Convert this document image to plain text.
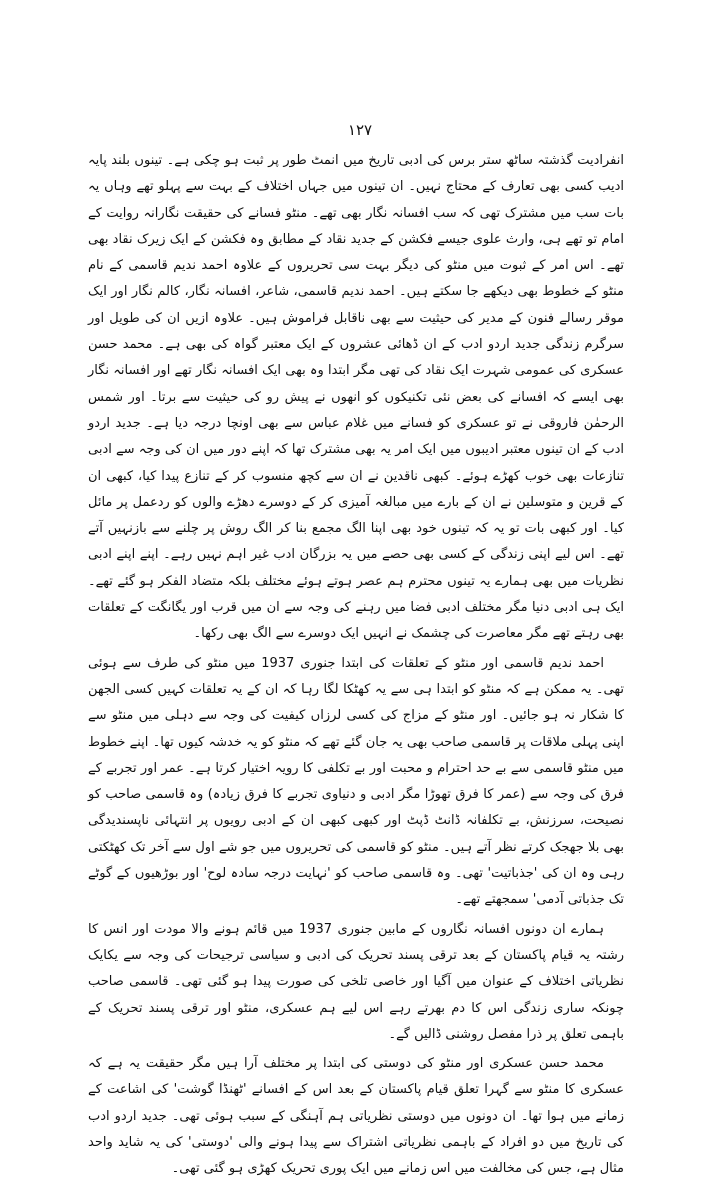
۱۲۷

انفرادیت گذشتہ ساٹھ ستر برس کی ادبی تاریخ میں انمٹ طور پر ثبت ہو چکی ہے۔ تینوں بلند پایہ ادیب کسی بھی تعارف کے محتاج نہیں۔ ان تینوں میں جہاں اختلاف کے بہت سے پہلو تھے وہاں یہ بات سب میں مشترک تھی کہ سب افسانہ نگار بھی تھے۔ منٹو فسانے کی حقیقت نگارانہ روایت کے امام تو تھے ہی، وارث علوی جیسے فکشن کے جدید نقاد کے مطابق وہ فکشن کے ایک زیرک نقاد بھی تھے۔ اس امر کے ثبوت میں منٹو کی دیگر بہت سی تحریروں کے علاوہ احمد ندیم قاسمی کے نام منٹو کے خطوط بھی دیکھے جا سکتے ہیں۔ احمد ندیم قاسمی، شاعر، افسانہ نگار، کالم نگار اور ایک موقر رسالے فنون کے مدیر کی حیثیت سے بھی ناقابل فراموش ہیں۔ علاوہ ازیں ان کی طویل اور سرگرم زندگی جدید اردو ادب کے ان ڈھائی عشروں کے ایک معتبر گواہ کی بھی ہے۔ محمد حسن عسکری کی عمومی شہرت ایک نقاد کی تھی مگر ابتدا وہ بھی ایک افسانہ نگار تھے اور افسانہ نگار بھی ایسے کہ افسانے کی بعض نئی تکنیکوں کو انھوں نے پیش رو کی حیثیت سے برتا۔ اور شمس الرحمٰن فاروقی نے تو عسکری کو فسانے میں غلام عباس سے بھی اونچا درجہ دیا ہے۔ جدید اردو ادب کے ان تینوں معتبر ادیبوں میں ایک امر یہ بھی مشترک تھا کہ اپنے دور میں ان کی وجہ سے ادبی تنازعات بھی خوب کھڑے ہوئے۔ کبھی ناقدین نے ان سے کچھ منسوب کر کے تنازع پیدا کیا، کبھی ان کے قرین و متوسلین نے ان کے بارے میں مبالغہ آمیزی کر کے دوسرے دھڑے والوں کو ردعمل پر مائل کیا۔ اور کبھی بات تو یہ کہ تینوں خود بھی اپنا الگ مجمع بنا کر الگ روش پر چلنے سے بازنہیں آتے تھے۔ اس لیے اپنی زندگی کے کسی بھی حصے میں یہ بزرگان ادب غیر اہم نہیں رہے۔ اپنے اپنے ادبی نظریات میں بھی ہمارے یہ تینوں محترم ہم عصر ہوتے ہوئے مختلف بلکہ متضاد الفکر ہو گئے تھے۔ ایک ہی ادبی دنیا مگر مختلف ادبی فضا میں رہنے کی وجہ سے ان میں قرب اور یگانگت کے تعلقات بھی رہتے تھے مگر معاصرت کی چشمک نے انہیں ایک دوسرے سے الگ بھی رکھا۔

احمد ندیم قاسمی اور منٹو کے تعلقات کی ابتدا جنوری 1937 میں منٹو کی طرف سے ہوئی تھی۔ یہ ممکن ہے کہ منٹو کو ابتدا ہی سے یہ کھٹکا لگا رہا کہ ان کے یہ تعلقات کہیں کسی الجھن کا شکار نہ ہو جائیں۔ اور منٹو کے مزاج کی کسی لرزاں کیفیت کی وجہ سے دہلی میں منٹو سے اپنی پہلی ملاقات پر قاسمی صاحب بھی یہ جان گئے تھے کہ منٹو کو یہ خدشہ کیوں تھا۔ اپنے خطوط میں منٹو قاسمی سے بے حد احترام و محبت اور بے تکلفی کا رویہ اختیار کرتا ہے۔ عمر اور تجربے کے فرق کی وجہ سے (عمر کا فرق تھوڑا مگر ادبی و دنیاوی تجربے کا فرق زیادہ) وہ قاسمی صاحب کو نصیحت، سرزنش، بے تکلفانہ ڈانٹ ڈپٹ اور کبھی کبھی ان کے ادبی رویوں پر انتہائی ناپسندیدگی بھی بلا جھجک کرتے نظر آتے ہیں۔ منٹو کو قاسمی کی تحریروں میں جو شے اول سے آخر تک کھٹکتی رہی وہ ان کی 'جذباتیت' تھی۔ وہ قاسمی صاحب کو 'نہایت درجہ سادہ لوح' اور بوڑھیوں کے گوٹے تک جذباتی آدمی' سمجھتے تھے۔

ہمارے ان دونوں افسانہ نگاروں کے مابین جنوری 1937 میں قائم ہونے والا مودت اور انس کا رشتہ یہ قیام پاکستان کے بعد ترقی پسند تحریک کی ادبی و سیاسی ترجیحات کی وجہ سے یکایک نظریاتی اختلاف کے عنوان میں آگیا اور خاصی تلخی کی صورت پیدا ہو گئی تھی۔ قاسمی صاحب چونکہ ساری زندگی اس کا دم بھرتے رہے اس لیے ہم عسکری، منٹو اور ترقی پسند تحریک کے باہمی تعلق پر ذرا مفصل روشنی ڈالیں گے۔

محمد حسن عسکری اور منٹو کی دوستی کی ابتدا پر مختلف آرا ہیں مگر حقیقت یہ ہے کہ عسکری کا منٹو سے گہرا تعلق قیام پاکستان کے بعد اس کے افسانے 'ٹھنڈا گوشت' کی اشاعت کے زمانے میں ہوا تھا۔ ان دونوں میں دوستی نظریاتی ہم آہنگی کے سبب ہوئی تھی۔ جدید اردو ادب کی تاریخ میں دو افراد کے باہمی نظریاتی اشتراک سے پیدا ہونے والی 'دوستی' کی یہ شاید واحد مثال ہے، جس کی مخالفت میں اس زمانے میں ایک پوری تحریک کھڑی ہو گئی تھی۔
